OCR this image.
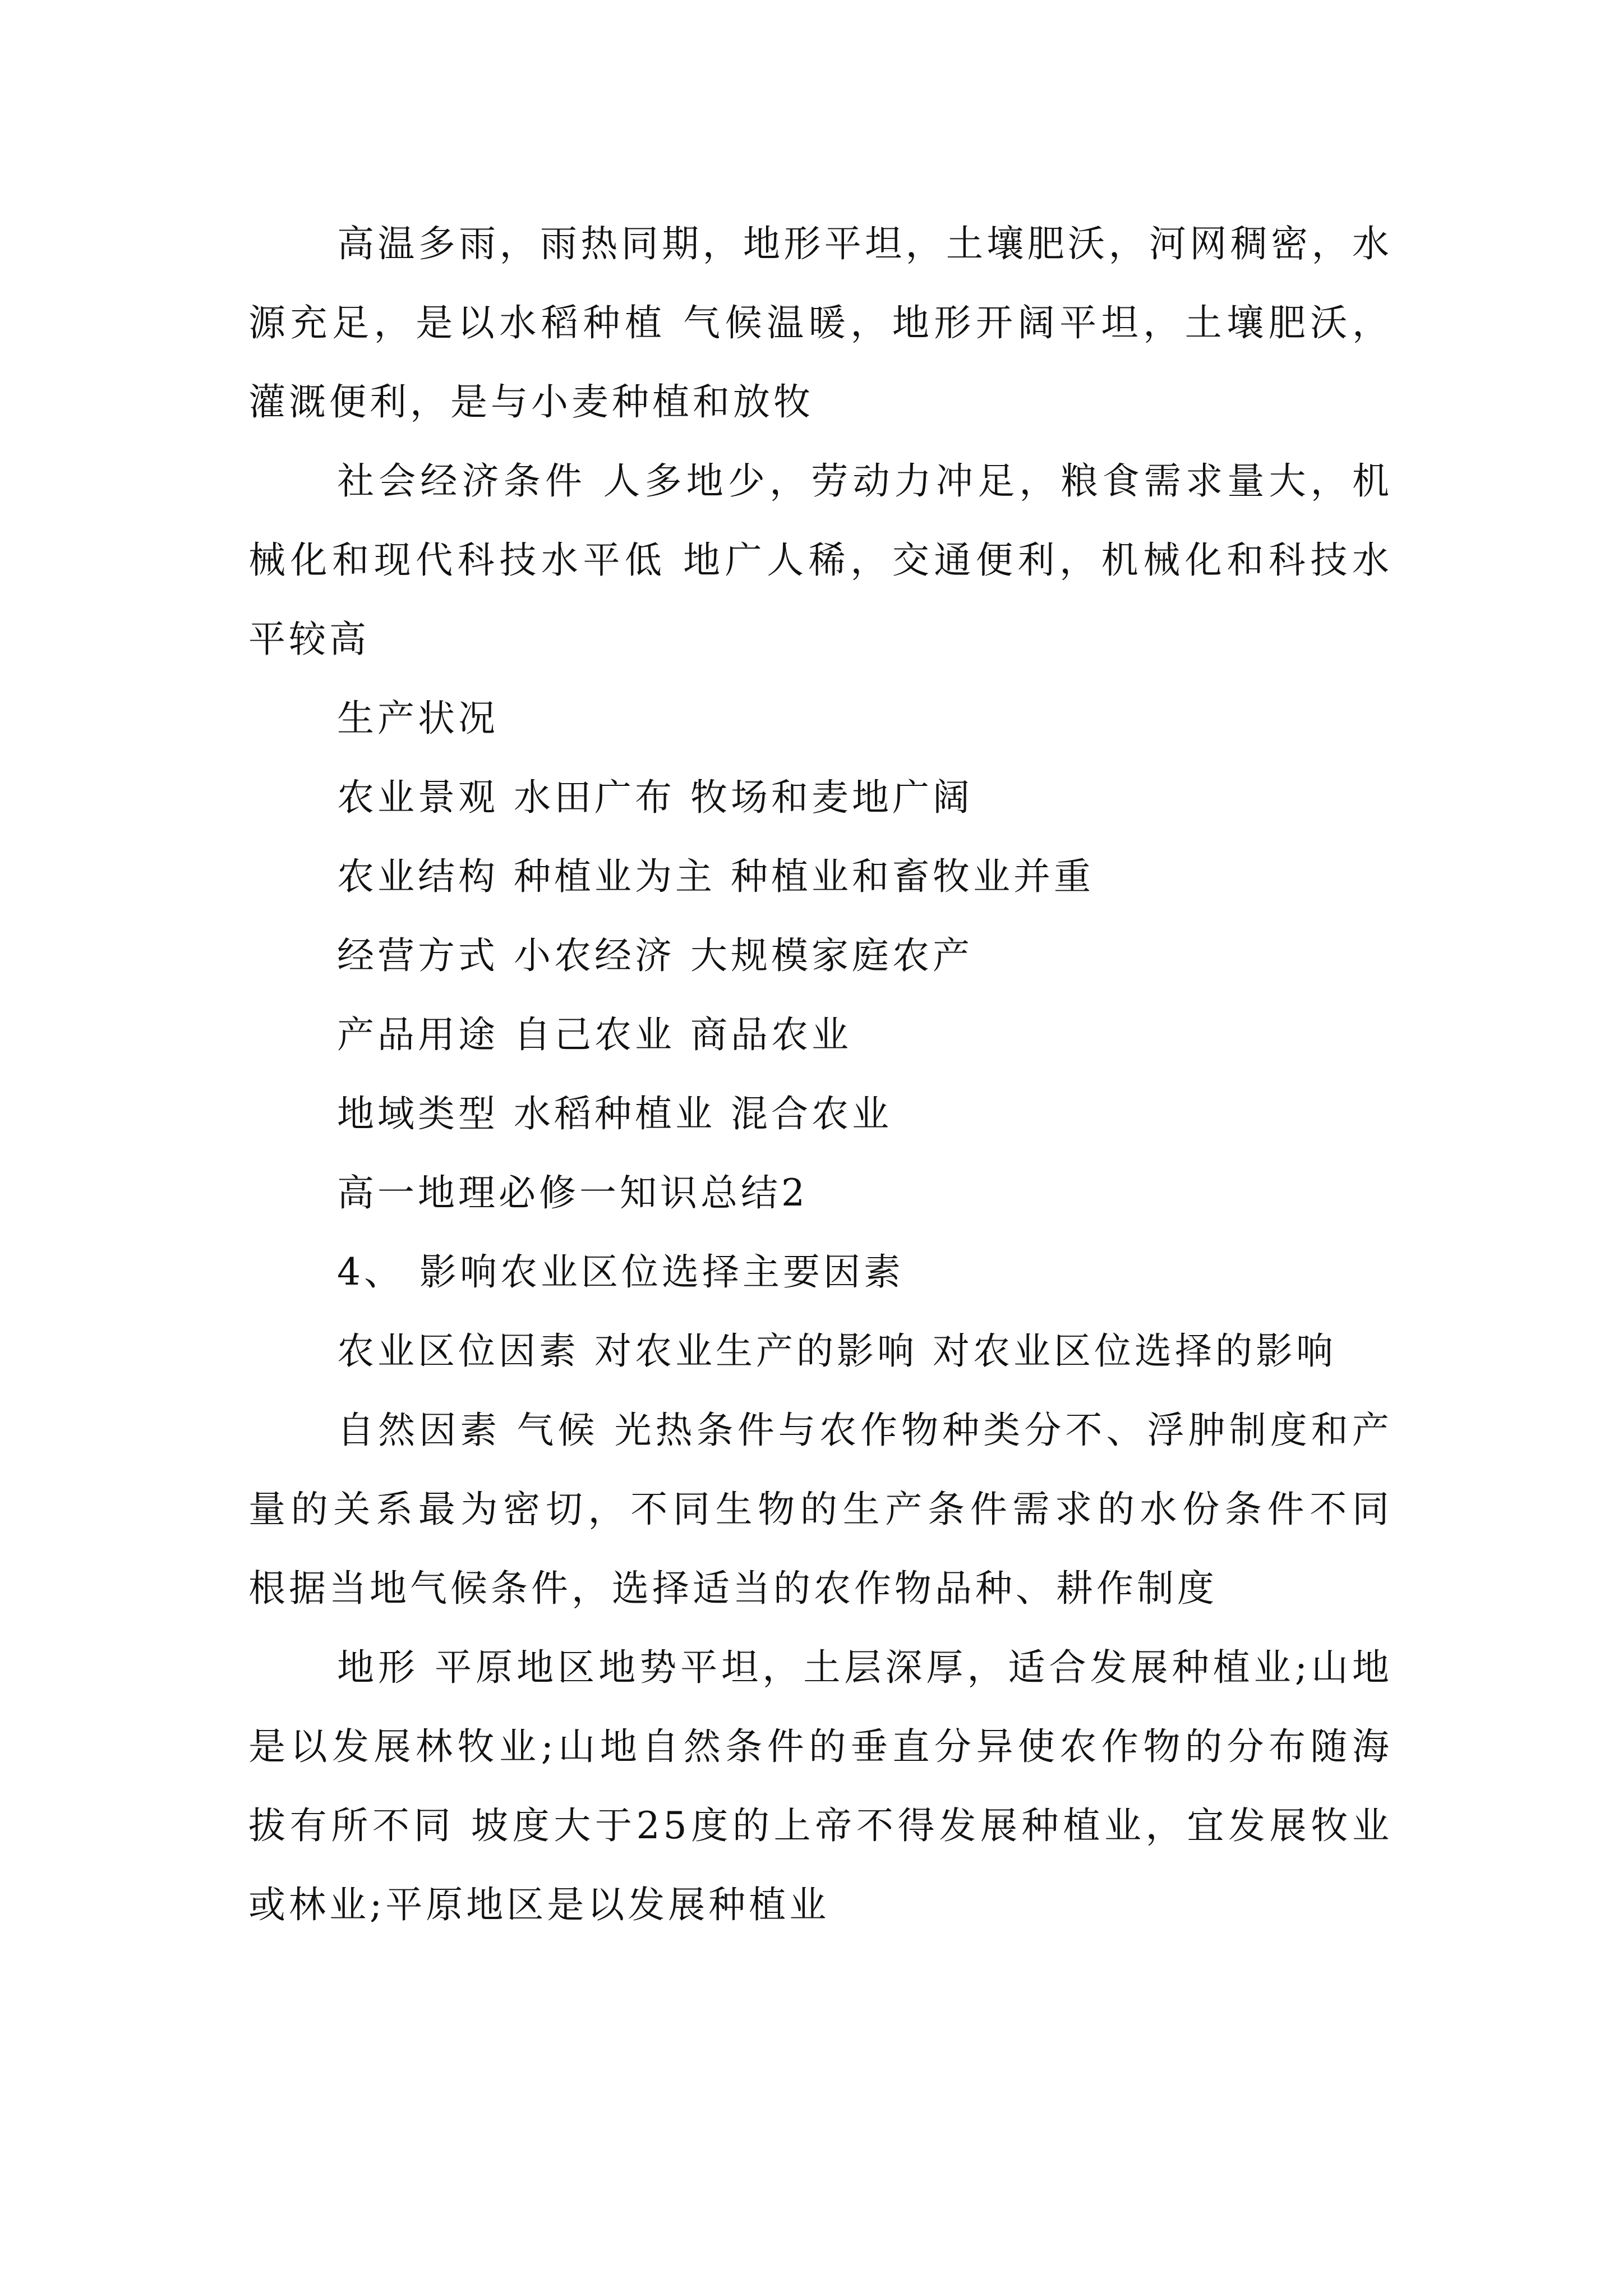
高温多雨，雨热同期，地形平坦，土壤肥沃，河网稠密，水源充足，是以水稻种植 气候温暖，地形开阔平坦，土壤肥沃，灌溉便利，是与小麦种植和放牧

社会经济条件 人多地少，劳动力冲足，粮食需求量大，机械化和现代科技水平低 地广人稀，交通便利，机械化和科技水平较高

生产状况

农业景观 水田广布 牧场和麦地广阔

农业结构 种植业为主 种植业和畜牧业并重

经营方式 小农经济 大规模家庭农产

产品用途 自己农业 商品农业

地域类型 水稻种植业 混合农业

高一地理必修一知识总结2

4、 影响农业区位选择主要因素

农业区位因素 对农业生产的影响 对农业区位选择的影响

自然因素 气候 光热条件与农作物种类分不、浮肿制度和产量的关系最为密切，不同生物的生产条件需求的水份条件不同 根据当地气候条件，选择适当的农作物品种、耕作制度

地形 平原地区地势平坦，土层深厚，适合发展种植业;山地是以发展林牧业;山地自然条件的垂直分异使农作物的分布随海拔有所不同 坡度大于25度的上帝不得发展种植业，宜发展牧业或林业;平原地区是以发展种植业
